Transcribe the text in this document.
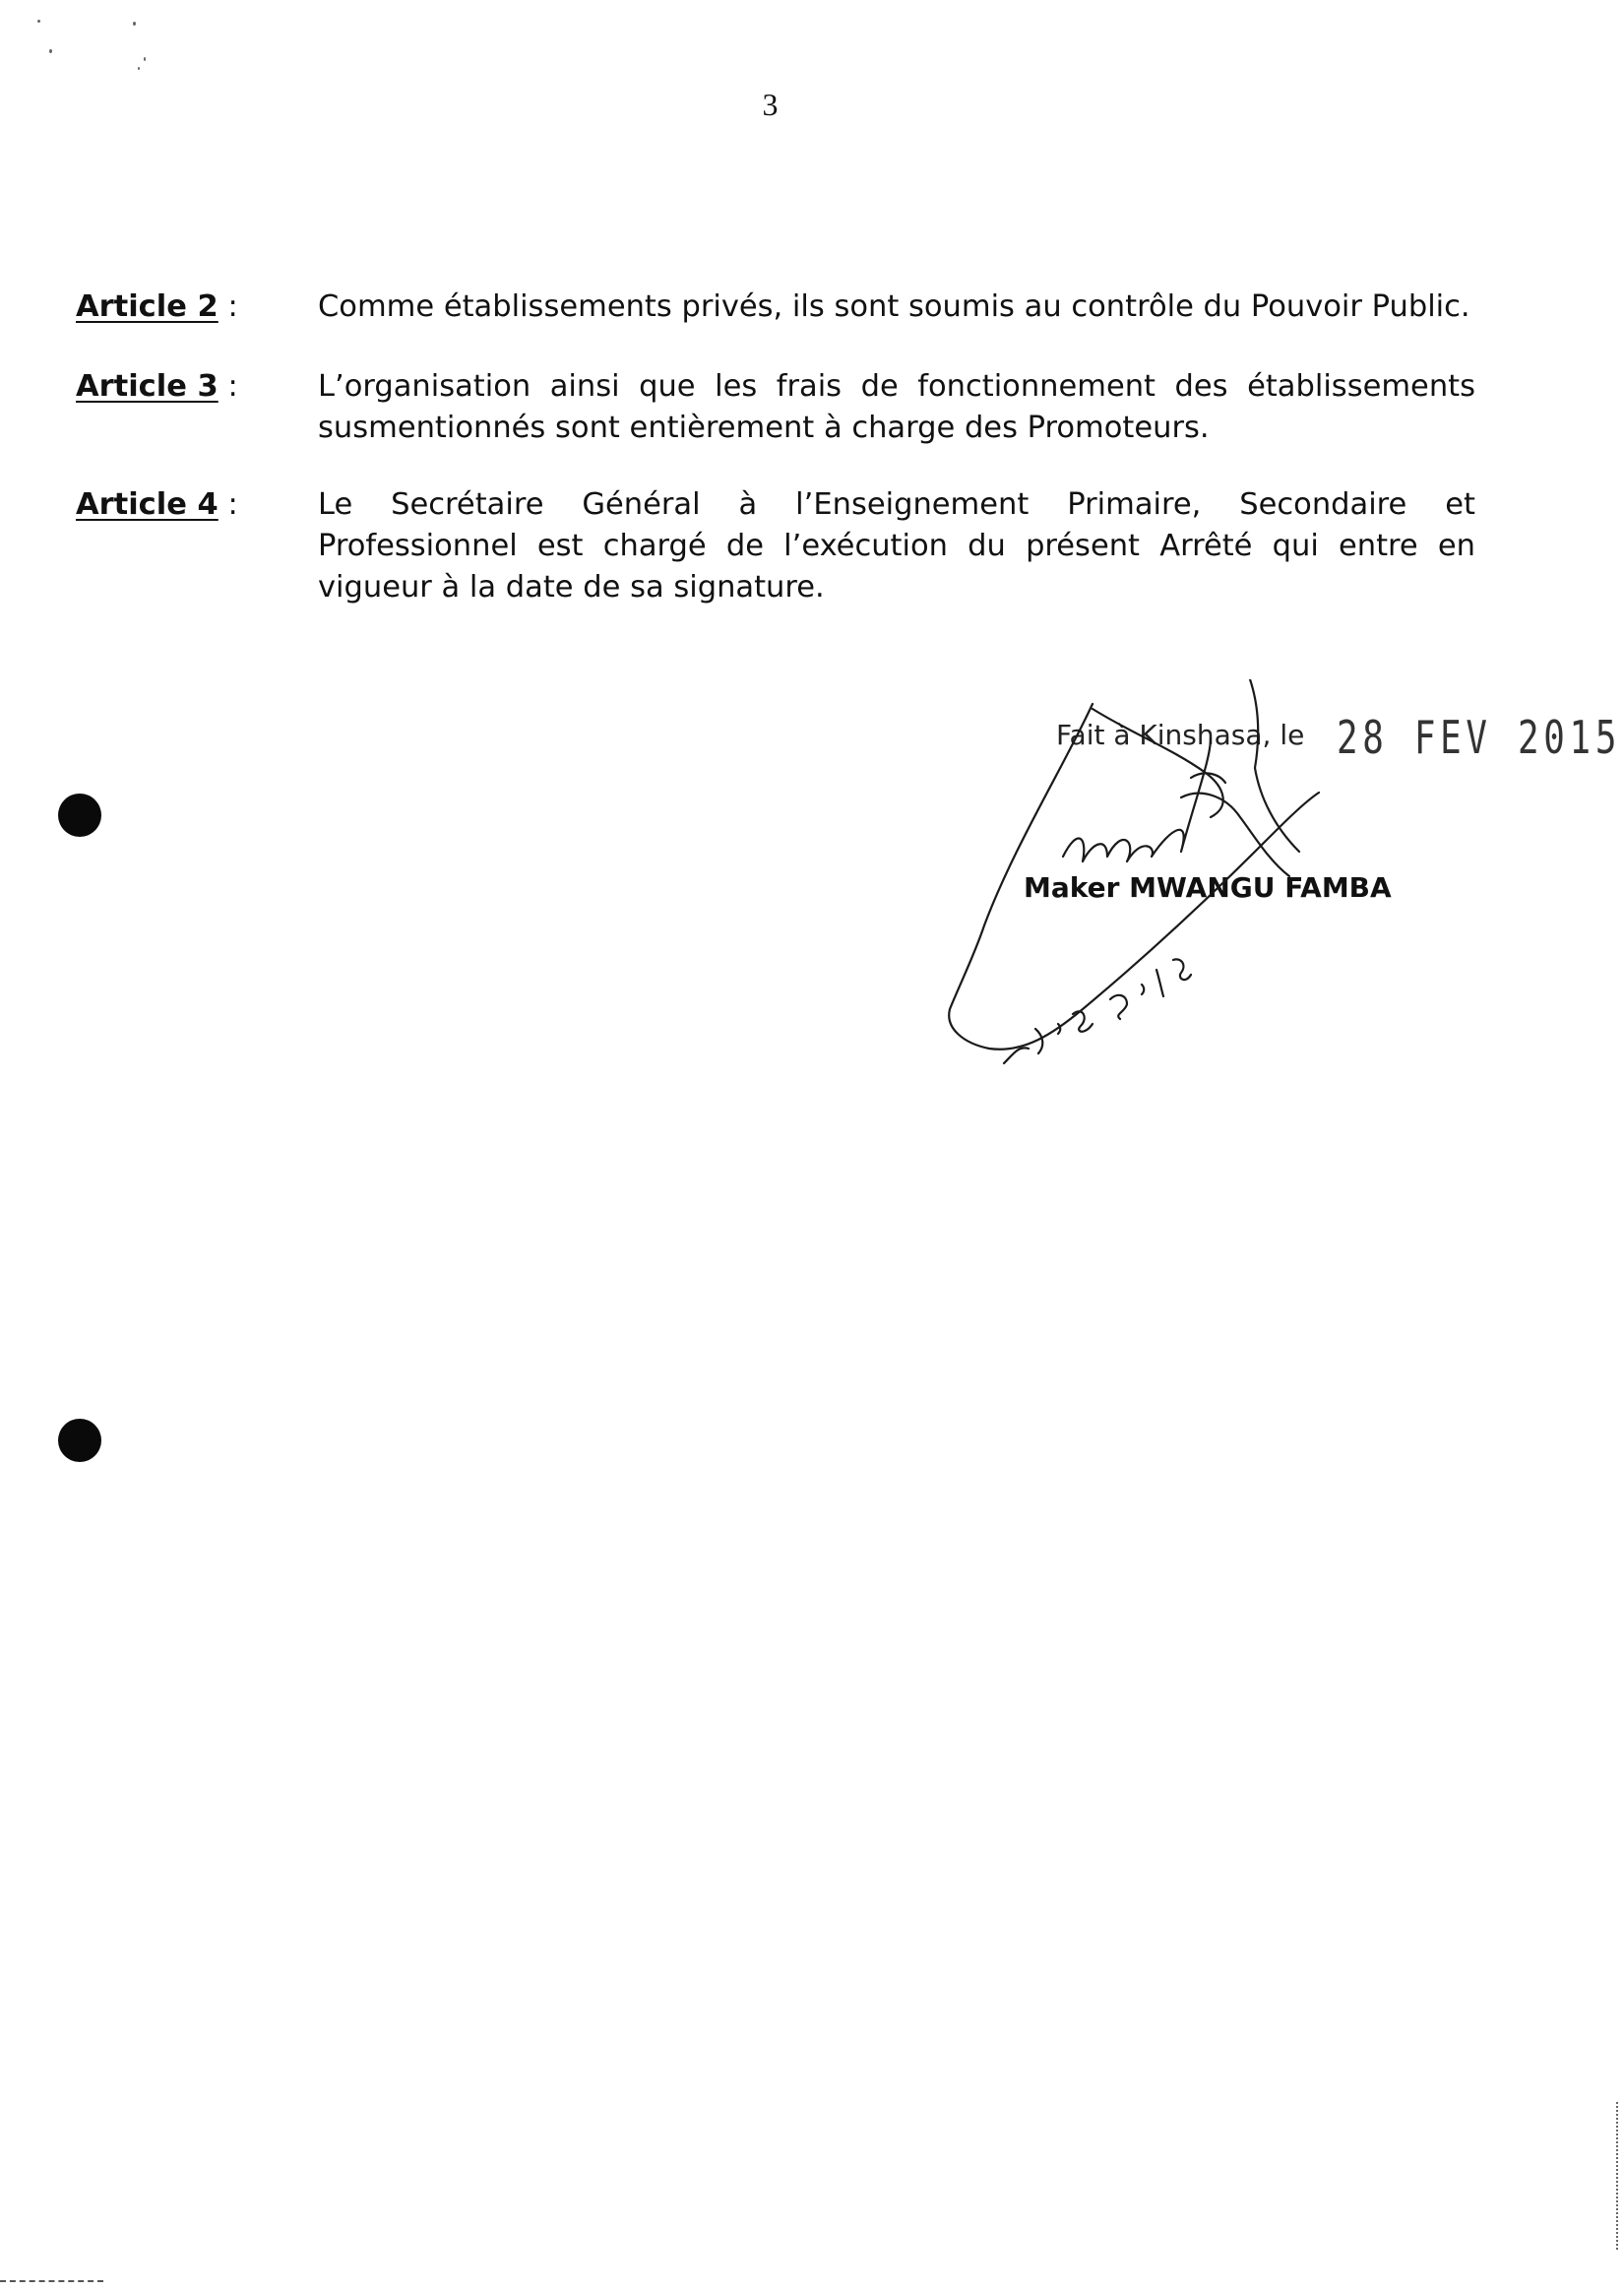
3
Article 2 :	Comme établissements privés, ils sont soumis au contrôle du Pouvoir Public.
Article 3 :	L’organisation ainsi que les frais de fonctionnement des établissements susmentionnés sont entièrement à charge des Promoteurs.
Article 4 :	Le Secrétaire Général à l’Enseignement Primaire, Secondaire et Professionnel est chargé de l’exécution du présent Arrêté qui entre en vigueur à la date de sa signature.
Fait à Kinshasa, le 28 FEV 2015
Maker MWANGU FAMBA
